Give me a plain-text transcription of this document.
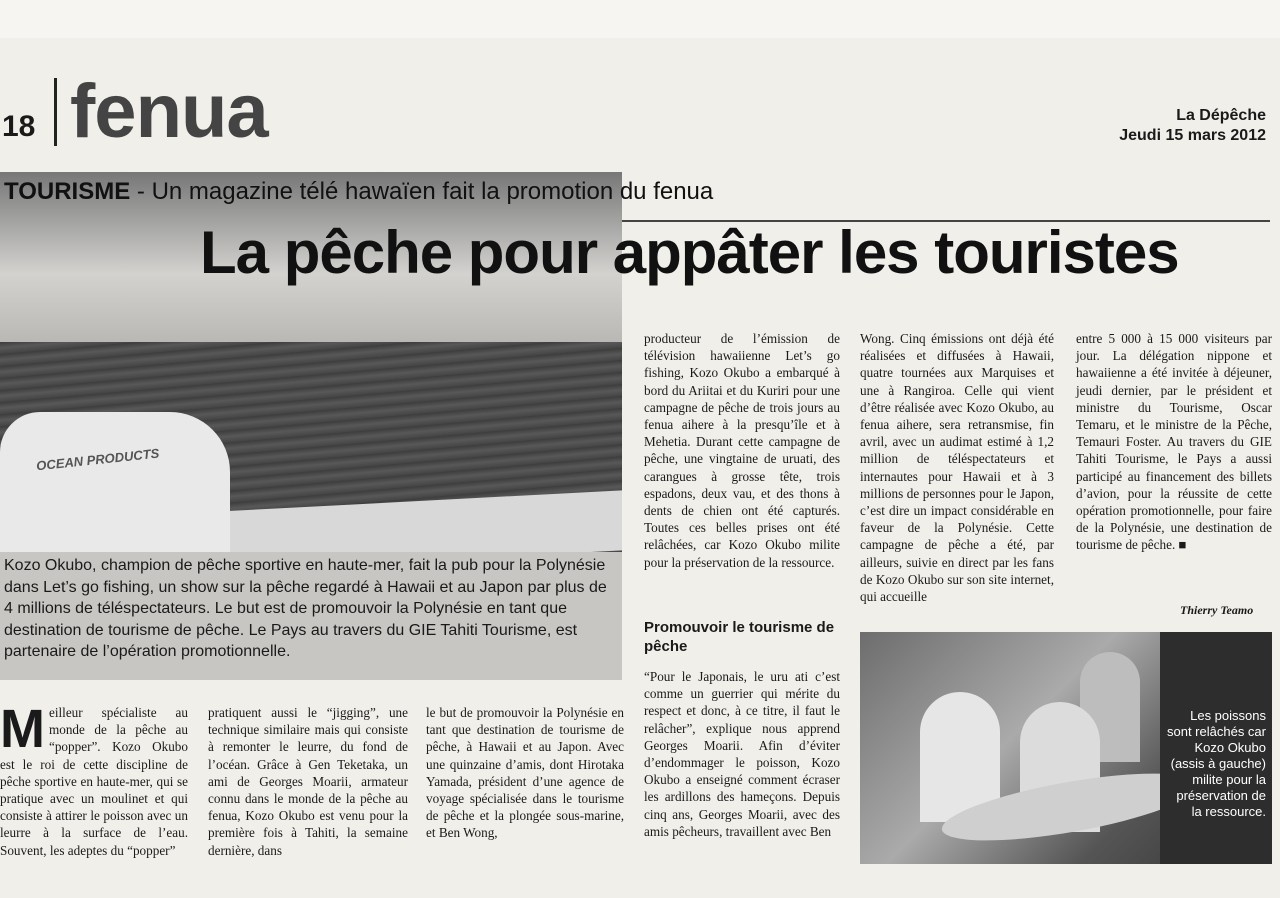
18 fenua	La Dépêche
Jeudi 15 mars 2012
OCEAN PRODUCTS
TOURISME - Un magazine télé hawaïen fait la promotion du fenua
La pêche pour appâter les touristes
Kozo Okubo, champion de pêche sportive en haute-mer, fait la pub pour la Polynésie dans Let’s go fishing, un show sur la pêche regardé à Hawaii et au Japon par plus de 4 millions de téléspectateurs. Le but est de promouvoir la Polynésie en tant que destination de tourisme de pêche. Le Pays au travers du GIE Tahiti Tourisme, est partenaire de l’opération promotionnelle.
Meilleur spécialiste au monde de la pêche au “popper”. Kozo Okubo est le roi de cette discipline de pêche sportive en haute-mer, qui se pratique avec un moulinet et qui consiste à attirer le poisson avec un leurre à la surface de l’eau. Souvent, les adeptes du “popper”
pratiquent aussi le “jigging”, une technique similaire mais qui consiste à remonter le leurre, du fond de l’océan. Grâce à Gen Teketaka, un ami de Georges Moarii, armateur connu dans le monde de la pêche au fenua, Kozo Okubo est venu pour la première fois à Tahiti, la semaine dernière, dans
le but de promouvoir la Polynésie en tant que destination de tourisme de pêche, à Hawaii et au Japon. Avec une quinzaine d’amis, dont Hirotaka Yamada, président d’une agence de voyage spécialisée dans le tourisme de pêche et la plongée sous-marine, et Ben Wong,
producteur de l’émission de télévision hawaiienne Let’s go fishing, Kozo Okubo a embarqué à bord du Ariitai et du Kuriri pour une campagne de pêche de trois jours au fenua aihere à la presqu’île et à Mehetia. Durant cette campagne de pêche, une vingtaine de uruati, des carangues à grosse tête, trois espadons, deux vau, et des thons à dents de chien ont été capturés. Toutes ces belles prises ont été relâchées, car Kozo Okubo milite pour la préservation de la ressource.
Wong. Cinq émissions ont déjà été réalisées et diffusées à Hawaii, quatre tournées aux Marquises et une à Rangiroa. Celle qui vient d’être réalisée avec Kozo Okubo, au fenua aihere, sera retransmise, fin avril, avec un audimat estimé à 1,2 million de téléspectateurs et internautes pour Hawaii et à 3 millions de personnes pour le Japon, c’est dire un impact considérable en faveur de la Polynésie. Cette campagne de pêche a été, par ailleurs, suivie en direct par les fans de Kozo Okubo sur son site internet, qui accueille
entre 5 000 à 15 000 visiteurs par jour. La délégation nippone et hawaiienne a été invitée à déjeuner, jeudi dernier, par le président et ministre du Tourisme, Oscar Temaru, et le ministre de la Pêche, Temauri Foster. Au travers du GIE Tahiti Tourisme, le Pays a aussi participé au financement des billets d’avion, pour la réussite de cette opération promotionnelle, pour faire de la Polynésie, une destination de tourisme de pêche. ■
Thierry Teamo
Promouvoir le tourisme de pêche
“Pour le Japonais, le uru ati c’est comme un guerrier qui mérite du respect et donc, à ce titre, il faut le relâcher”, explique nous apprend Georges Moarii. Afin d’éviter d’endommager le poisson, Kozo Okubo a enseigné comment écraser les ardillons des hameçons. Depuis cinq ans, Georges Moarii, avec des amis pêcheurs, travaillent avec Ben
Les poissons sont relâchés car Kozo Okubo (assis à gauche) milite pour la préservation de la ressource.
